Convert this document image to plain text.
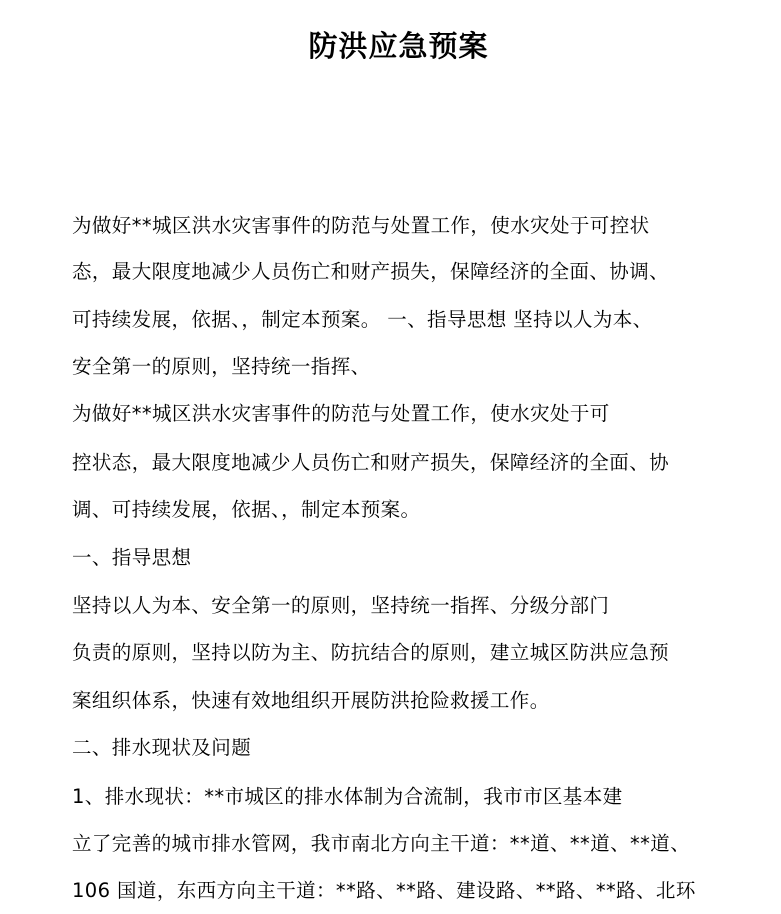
防洪应急预案
为做好**城区洪水灾害事件的防范与处置工作，使水灾处于可控状
态，最大限度地减少人员伤亡和财产损失，保障经济的全面、协调、
可持续发展，依据、，制定本预案。 一、指导思想 坚持以人为本、
安全第一的原则，坚持统一指挥、
为做好**城区洪水灾害事件的防范与处置工作，使水灾处于可
控状态，最大限度地减少人员伤亡和财产损失，保障经济的全面、协
调、可持续发展，依据、，制定本预案。
一、指导思想
坚持以人为本、安全第一的原则，坚持统一指挥、分级分部门
负责的原则，坚持以防为主、防抗结合的原则，建立城区防洪应急预
案组织体系，快速有效地组织开展防洪抢险救援工作。
二、排水现状及问题
1、排水现状：**市城区的排水体制为合流制，我市市区基本建
立了完善的城市排水管网，我市南北方向主干道：**道、**道、**道、
106 国道，东西方向主干道：**路、**路、建设路、**路、**路、北环
